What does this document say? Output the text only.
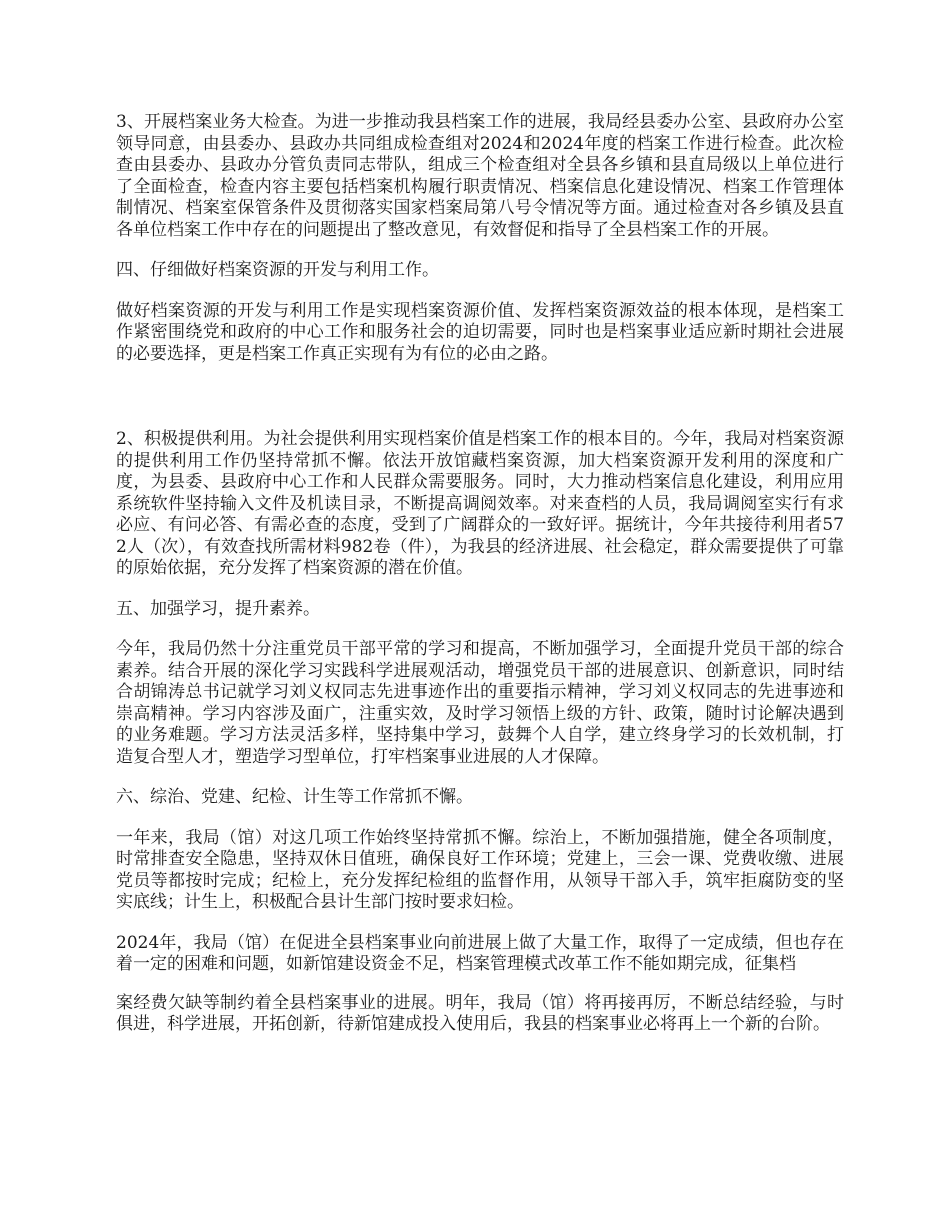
3、开展档案业务大检查。为进一步推动我县档案工作的进展，我局经县委办公室、县政府办公室领导同意，由县委办、县政办共同组成检查组对2024和2024年度的档案工作进行检查。此次检查由县委办、县政办分管负责同志带队，组成三个检查组对全县各乡镇和县直局级以上单位进行了全面检查，检查内容主要包括档案机构履行职责情况、档案信息化建设情况、档案工作管理体制情况、档案室保管条件及贯彻落实国家档案局第八号令情况等方面。通过检查对各乡镇及县直各单位档案工作中存在的问题提出了整改意见，有效督促和指导了全县档案工作的开展。

四、仔细做好档案资源的开发与利用工作。

做好档案资源的开发与利用工作是实现档案资源价值、发挥档案资源效益的根本体现，是档案工作紧密围绕党和政府的中心工作和服务社会的迫切需要，同时也是档案事业适应新时期社会进展的必要选择，更是档案工作真正实现有为有位的必由之路。

2、积极提供利用。为社会提供利用实现档案价值是档案工作的根本目的。今年，我局对档案资源的提供利用工作仍坚持常抓不懈。依法开放馆藏档案资源，加大档案资源开发利用的深度和广度，为县委、县政府中心工作和人民群众需要服务。同时，大力推动档案信息化建设，利用应用系统软件坚持输入文件及机读目录，不断提高调阅效率。对来查档的人员，我局调阅室实行有求必应、有问必答、有需必查的态度，受到了广阔群众的一致好评。据统计，今年共接待利用者572人（次），有效查找所需材料982卷（件），为我县的经济进展、社会稳定，群众需要提供了可靠的原始依据，充分发挥了档案资源的潜在价值。

五、加强学习，提升素养。

今年，我局仍然十分注重党员干部平常的学习和提高，不断加强学习，全面提升党员干部的综合素养。结合开展的深化学习实践科学进展观活动，增强党员干部的进展意识、创新意识，同时结合胡锦涛总书记就学习刘义权同志先进事迹作出的重要指示精神，学习刘义权同志的先进事迹和崇高精神。学习内容涉及面广，注重实效，及时学习领悟上级的方针、政策，随时讨论解决遇到的业务难题。学习方法灵活多样，坚持集中学习，鼓舞个人自学，建立终身学习的长效机制，打造复合型人才，塑造学习型单位，打牢档案事业进展的人才保障。

六、综治、党建、纪检、计生等工作常抓不懈。

一年来，我局（馆）对这几项工作始终坚持常抓不懈。综治上，不断加强措施，健全各项制度，时常排查安全隐患，坚持双休日值班，确保良好工作环境；党建上，三会一课、党费收缴、进展党员等都按时完成；纪检上，充分发挥纪检组的监督作用，从领导干部入手，筑牢拒腐防变的坚实底线；计生上，积极配合县计生部门按时要求妇检。

2024年，我局（馆）在促进全县档案事业向前进展上做了大量工作，取得了一定成绩，但也存在着一定的困难和问题，如新馆建设资金不足，档案管理模式改革工作不能如期完成，征集档

案经费欠缺等制约着全县档案事业的进展。明年，我局（馆）将再接再厉，不断总结经验，与时俱进，科学进展，开拓创新，待新馆建成投入使用后，我县的档案事业必将再上一个新的台阶。
